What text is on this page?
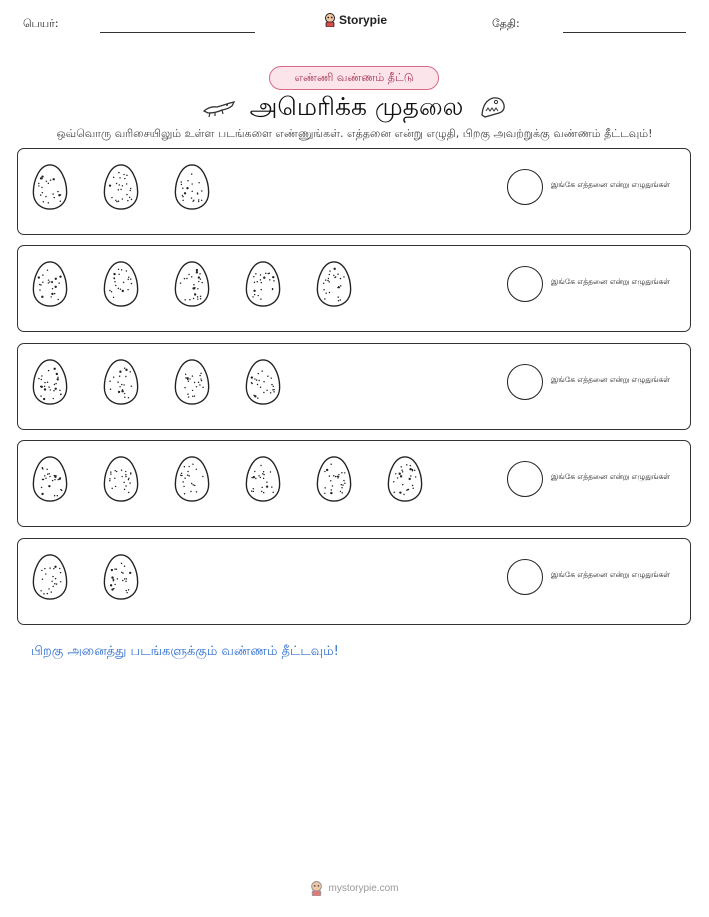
பெயர்:	Storypie	தேதி:
எண்ணி வண்ணம் தீட்டு
அமெரிக்க முதலை
ஒவ்வொரு வரிசையிலும் உள்ள படங்களை எண்ணுங்கள். எத்தனை என்று எழுதி, பிறகு அவற்றுக்கு வண்ணம் தீட்டவும்!
இங்கே எத்தனை என்று எழுதுங்கள்
இங்கே எத்தனை என்று எழுதுங்கள்
இங்கே எத்தனை என்று எழுதுங்கள்
இங்கே எத்தனை என்று எழுதுங்கள்
இங்கே எத்தனை என்று எழுதுங்கள்
பிறகு அனைத்து படங்களுக்கும் வண்ணம் தீட்டவும்!
mystorypie.com
